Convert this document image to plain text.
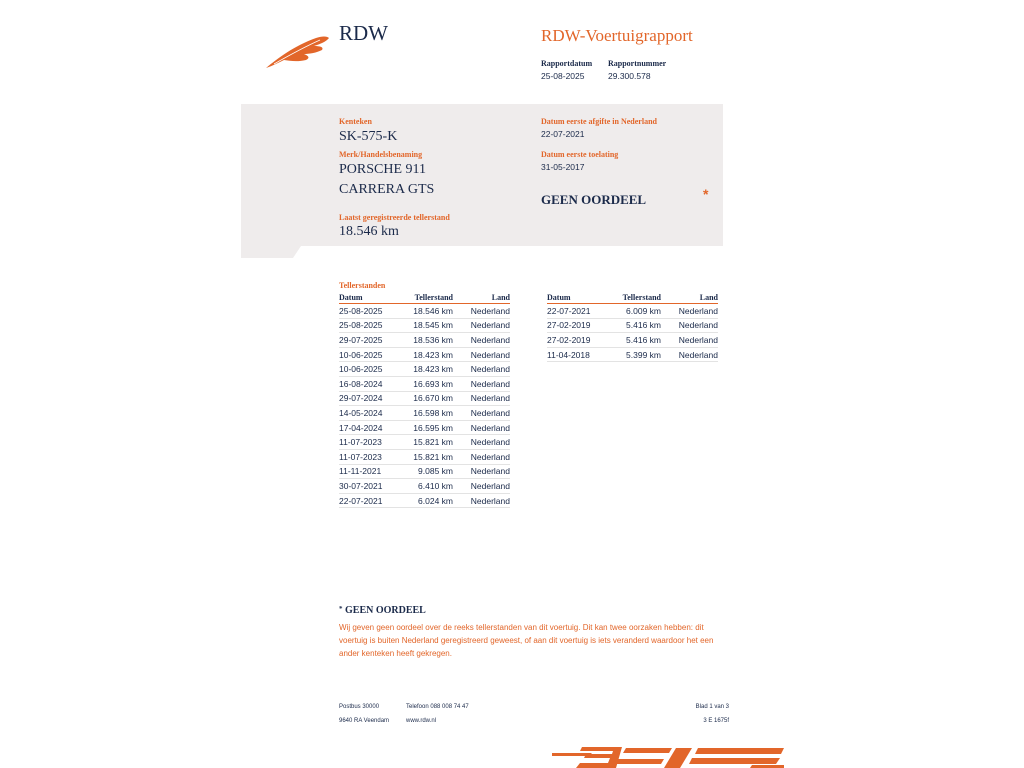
RDW	RDW-Voertuigrapport
Rapportdatum
25-08-2025
Rapportnummer
29.300.578
Kenteken
SK-575-K
Merk/Handelsbenaming
PORSCHE 911
CARRERA GTS
Laatst geregistreerde tellerstand
18.546 km
Datum eerste afgifte in Nederland
22-07-2021
Datum eerste toelating
31-05-2017
GEEN OORDEEL	*
Tellerstanden
Datum	Tellerstand	Land
25-08-2025	18.546 km	Nederland
25-08-2025	18.545 km	Nederland
29-07-2025	18.536 km	Nederland
10-06-2025	18.423 km	Nederland
10-06-2025	18.423 km	Nederland
16-08-2024	16.693 km	Nederland
29-07-2024	16.670 km	Nederland
14-05-2024	16.598 km	Nederland
17-04-2024	16.595 km	Nederland
11-07-2023	15.821 km	Nederland
11-07-2023	15.821 km	Nederland
11-11-2021	9.085 km	Nederland
30-07-2021	6.410 km	Nederland
22-07-2021	6.024 km	Nederland
Datum	Tellerstand	Land
22-07-2021	6.009 km	Nederland
27-02-2019	5.416 km	Nederland
27-02-2019	5.416 km	Nederland
11-04-2018	5.399 km	Nederland
* GEEN OORDEEL
Wij geven geen oordeel over de reeks tellerstanden van dit voertuig. Dit kan twee oorzaken hebben: dit
voertuig is buiten Nederland geregistreerd geweest, of aan dit voertuig is iets veranderd waardoor het een
ander kenteken heeft gekregen.
Postbus 30000
9640 RA Veendam
Telefoon 088 008 74 47
www.rdw.nl
Blad 1 van 3
3 E 1675f
